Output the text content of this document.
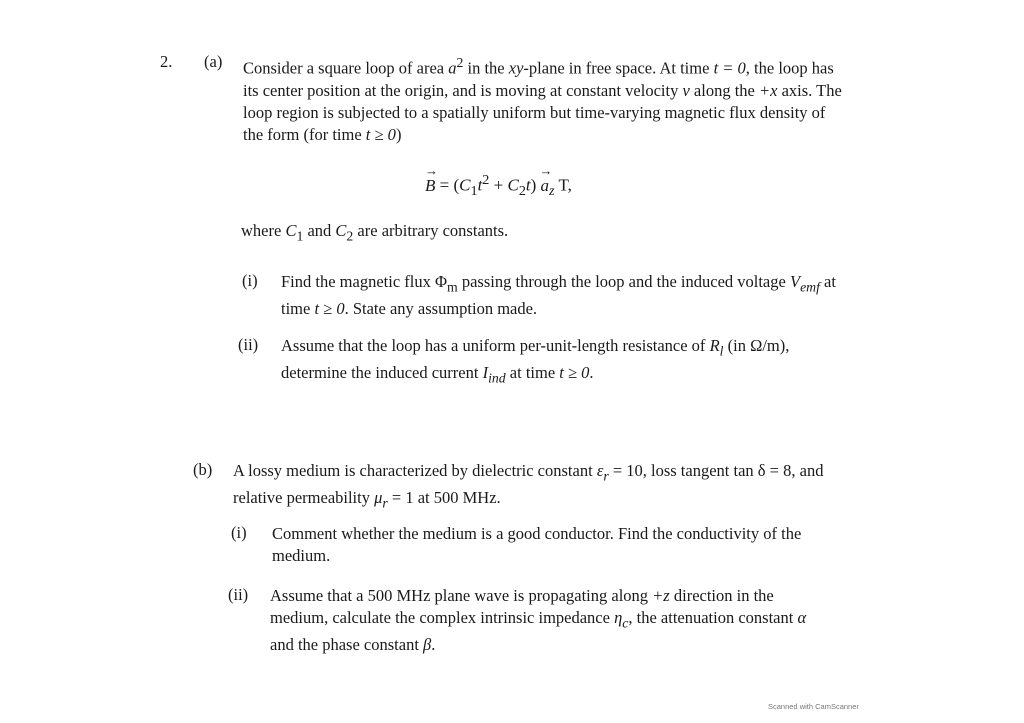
2. (a) Consider a square loop of area $a^2$ in the xy-plane in free space. At time t = 0, the loop has its center position at the origin, and is moving at constant velocity v along the +x axis. The loop region is subjected to a spatially uniform but time-varying magnetic flux density of the form (for time t ≥ 0)
→
$B = (C_1t^2 + C_2t)$
→
$a_z$ T,
where $C_1$ and $C_2$ are arbitrary constants.
(i) Find the magnetic flux $\Phi_m$ passing through the loop and the induced voltage $V_{emf}$ at time t ≥ 0. State any assumption made.
(ii) Assume that the loop has a uniform per-unit-length resistance of $R_l$ (in Ω/m), determine the induced current $I_{ind}$ at time t ≥ 0.
(b) A lossy medium is characterized by dielectric constant $\varepsilon_r = 10$, loss tangent tan δ = 8, and relative permeability $\mu_r = 1$ at 500 MHz.
(i) Comment whether the medium is a good conductor. Find the conductivity of the medium.
(ii) Assume that a 500 MHz plane wave is propagating along +z direction in the medium, calculate the complex intrinsic impedance $\eta_c$, the attenuation constant α and the phase constant β.
Scanned with CamScanner
